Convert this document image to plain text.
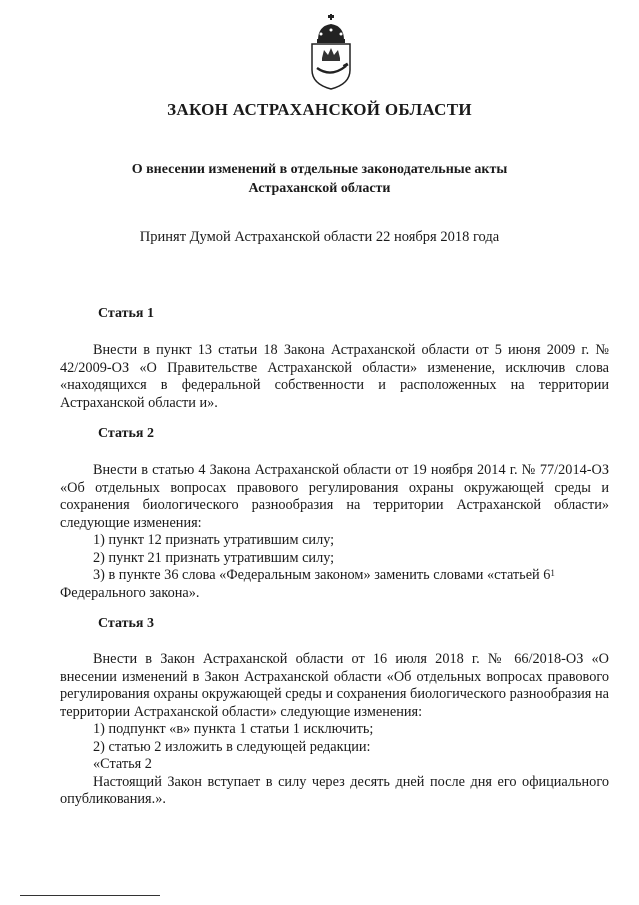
ЗАКОН АСТРАХАНСКОЙ ОБЛАСТИ
О внесении изменений в отдельные законодательные акты
Астраханской области
Принят Думой Астраханской области 22 ноября 2018 года
Статья 1

Внести в пункт 13 статьи 18 Закона Астраханской области от 5 июня 2009 г. № 42/2009-ОЗ «О Правительстве Астраханской области» изменение, исключив слова «находящихся в федеральной собственности и расположенных на территории Астраханской области и».

Статья 2

Внести в статью 4 Закона Астраханской области от 19 ноября 2014 г. № 77/2014-ОЗ «Об отдельных вопросах правового регулирования охраны окружающей среды и сохранения биологического разнообразия на территории Астраханской области» следующие изменения:

1) пункт 12 признать утратившим силу;
2) пункт 21 признать утратившим силу;
3) в пункте 36 слова «Федеральным законом» заменить словами «статьей $6^1$
Федерального закона».
Статья 3

Внести в Закон Астраханской области от 16 июля 2018 г. № 66/2018-ОЗ «О внесении изменений в Закон Астраханской области «Об отдельных вопросах правового регулирования охраны окружающей среды и сохранения биологического разнообразия на территории Астраханской области» следующие изменения:

1) подпункт «в» пункта 1 статьи 1 исключить;
2) статью 2 изложить в следующей редакции:
«Статья 2

Настоящий Закон вступает в силу через десять дней после дня его официального опубликования.».
